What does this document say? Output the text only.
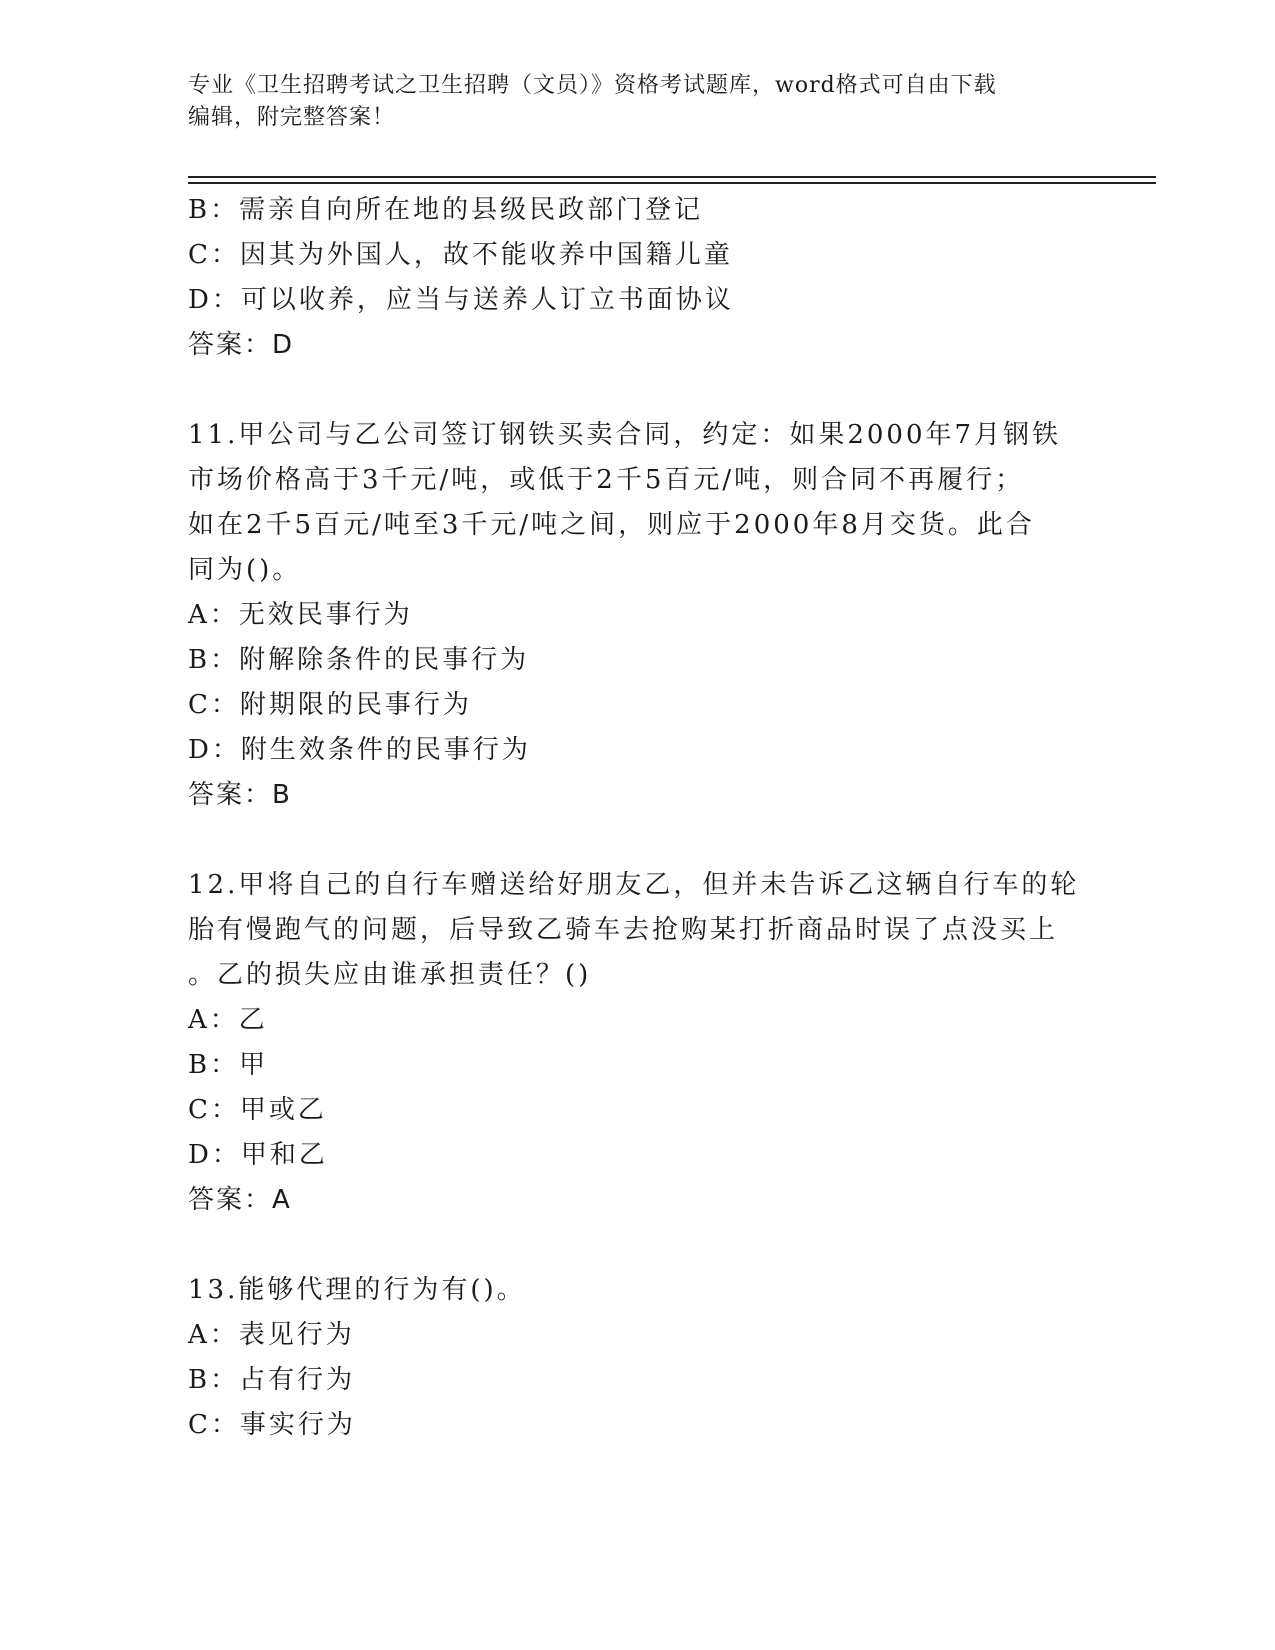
专业《卫生招聘考试之卫生招聘（文员）》资格考试题库，word格式可自由下载
编辑，附完整答案！
B：需亲自向所在地的县级民政部门登记
C：因其为外国人，故不能收养中国籍儿童
D：可以收养，应当与送养人订立书面协议
答案：D
11.甲公司与乙公司签订钢铁买卖合同，约定：如果2000年7月钢铁
市场价格高于3千元/吨，或低于2千5百元/吨，则合同不再履行；
如在2千5百元/吨至3千元/吨之间，则应于2000年8月交货。此合
同为()。
A：无效民事行为
B：附解除条件的民事行为
C：附期限的民事行为
D：附生效条件的民事行为
答案：B
12.甲将自己的自行车赠送给好朋友乙，但并未告诉乙这辆自行车的轮
胎有慢跑气的问题，后导致乙骑车去抢购某打折商品时误了点没买上
。乙的损失应由谁承担责任？()
A：乙
B：甲
C：甲或乙
D：甲和乙
答案：A
13.能够代理的行为有()。
A：表见行为
B：占有行为
C：事实行为
